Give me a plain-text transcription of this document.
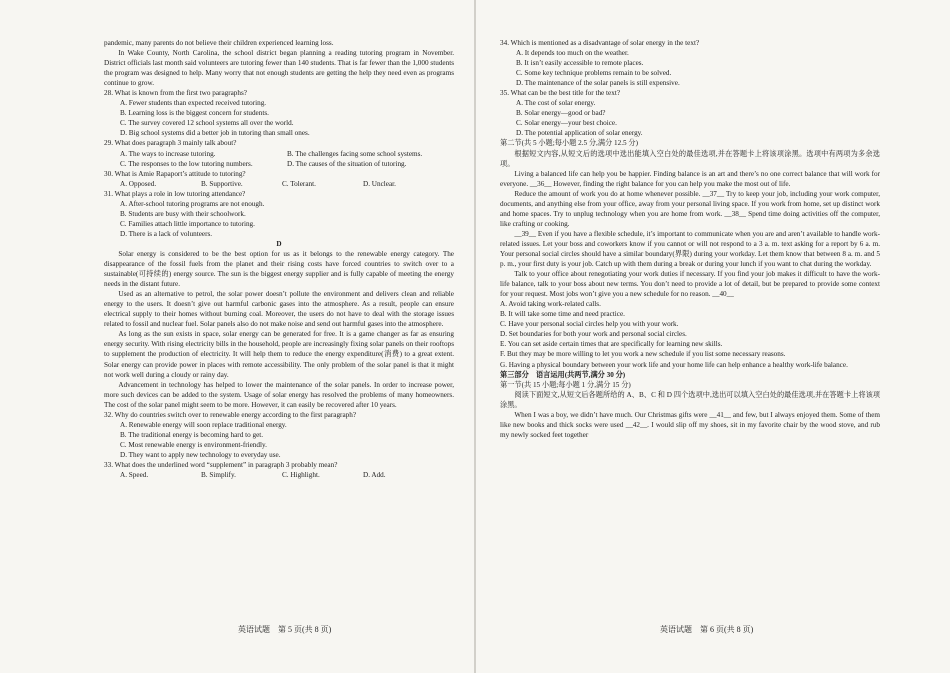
pandemic, many parents do not believe their children experienced learning loss.

In Wake County, North Carolina, the school district began planning a reading tutoring program in November. District officials last month said volunteers are tutoring fewer than 140 students. That is far fewer than the 1,000 students the program was designed to help. Many worry that not enough students are getting the help they need even as programs continue to grow.

28. What is known from the first two paragraphs?

A. Fewer students than expected received tutoring.

B. Learning loss is the biggest concern for students.

C. The survey covered 12 school systems all over the world.

D. Big school systems did a better job in tutoring than small ones.

29. What does paragraph 3 mainly talk about?

A. The ways to increase tutoring.	B. The challenges facing some school systems.
C. The responses to the low tutoring numbers.	D. The causes of the situation of tutoring.

30. What is Amie Rapaport’s attitude to tutoring?

A. Opposed.	B. Supportive.	C. Tolerant.	D. Unclear.

31. What plays a role in low tutoring attendance?

A. After-school tutoring programs are not enough.

B. Students are busy with their schoolwork.

C. Families attach little importance to tutoring.

D. There is a lack of volunteers.

D

Solar energy is considered to be the best option for us as it belongs to the renewable energy category. The disappearance of the fossil fuels from the planet and their rising costs have forced countries to switch over to a sustainable(可持续的) energy source. The sun is the biggest energy supplier and is fully capable of meeting the energy needs in the distant future.

Used as an alternative to petrol, the solar power doesn’t pollute the environment and delivers clean and reliable energy to the users. It doesn’t give out harmful carbonic gases into the atmosphere. As a result, people can ensure electrical supply to their homes without burning coal. Moreover, the users do not have to deal with the storage issues related to fossil and nuclear fuel. Solar panels also do not make noise and send out harmful gases into the atmosphere.

As long as the sun exists in space, solar energy can be generated for free. It is a game changer as far as ensuring energy security. With rising electricity bills in the household, people are increasingly fixing solar panels on their rooftops to supplement the production of electricity. It will help them to reduce the energy expenditure(消费) to a great extent. Solar energy can provide power in places with remote accessibility. The only problem of the solar panel is that it might not work well during a cloudy or rainy day.

Advancement in technology has helped to lower the maintenance of the solar panels. In order to increase power, more such devices can be added to the system. Usage of solar energy has resolved the problems of many homeowners. The cost of the solar panel might seem to be more. However, it can easily be recovered after 10 years.

32. Why do countries switch over to renewable energy according to the first paragraph?

A. Renewable energy will soon replace traditional energy.

B. The traditional energy is becoming hard to get.

C. Most renewable energy is environment-friendly.

D. They want to apply new technology to everyday use.

33. What does the underlined word “supplement” in paragraph 3 probably mean?

A. Speed.	B. Simplify.	C. Highlight.	D. Add.

34. Which is mentioned as a disadvantage of solar energy in the text?

A. It depends too much on the weather.

B. It isn’t easily accessible to remote places.

C. Some key technique problems remain to be solved.

D. The maintenance of the solar panels is still expensive.

35. What can be the best title for the text?

A. The cost of solar energy.

B. Solar energy—good or bad?

C. Solar energy—your best choice.

D. The potential application of solar energy.

第二节(共 5 小题;每小题 2.5 分,满分 12.5 分)

根据短文内容,从短文后的选项中选出能填入空白处的最佳选项,并在答题卡上将该项涂黑。选项中有两项为多余选项。

Living a balanced life can help you be happier. Finding balance is an art and there’s no one correct balance that will work for everyone. __36__ However, finding the right balance for you can help you make the most out of life.

Reduce the amount of work you do at home whenever possible. __37__ Try to keep your job, including your work computer, documents, and anything else from your office, away from your personal living space. If you work from home, set up distinct work and home spaces. Try to unplug technology when you are home from work. __38__ Spend time doing activities off the computer, like crafting or cooking.

__39__ Even if you have a flexible schedule, it’s important to communicate when you are and aren’t available to handle work-related issues. Let your boss and coworkers know if you cannot or will not respond to a 3 a. m. text asking for a report by 6 a. m. Your personal social circles should have a similar boundary(界限) during your workday. Let them know that between 8 a. m. and 5 p. m., your first duty is your job. Catch up with them during a break or during your lunch if you want to chat during the workday.

Talk to your office about renegotiating your work duties if necessary. If you find your job makes it difficult to have the work-life balance, talk to your boss about new terms. You don’t need to provide a lot of detail, but be prepared to provide some context for your request. Most jobs won’t give you a new schedule for no reason. __40__

A. Avoid taking work-related calls.

B. It will take some time and need practice.

C. Have your personal social circles help you with your work.

D. Set boundaries for both your work and personal social circles.

E. You can set aside certain times that are specifically for learning new skills.

F. But they may be more willing to let you work a new schedule if you list some necessary reasons.

G. Having a physical boundary between your work life and your home life can help enhance a healthy work-life balance.

第三部分　语言运用(共两节,满分 30 分)

第一节(共 15 小题;每小题 1 分,满分 15 分)

阅读下面短文,从短文后各题所给的 A、B、C 和 D 四个选项中,选出可以填入空白处的最佳选项,并在答题卡上将该项涂黑。

When I was a boy, we didn’t have much. Our Christmas gifts were __41__ and few, but I always enjoyed them. Some of them like new books and thick socks were used __42__. I would slip off my shoes, sit in my favorite chair by the wood stove, and rub my newly socked feet together

英语试题　第 5 页(共 8 页)	英语试题　第 6 页(共 8 页)
